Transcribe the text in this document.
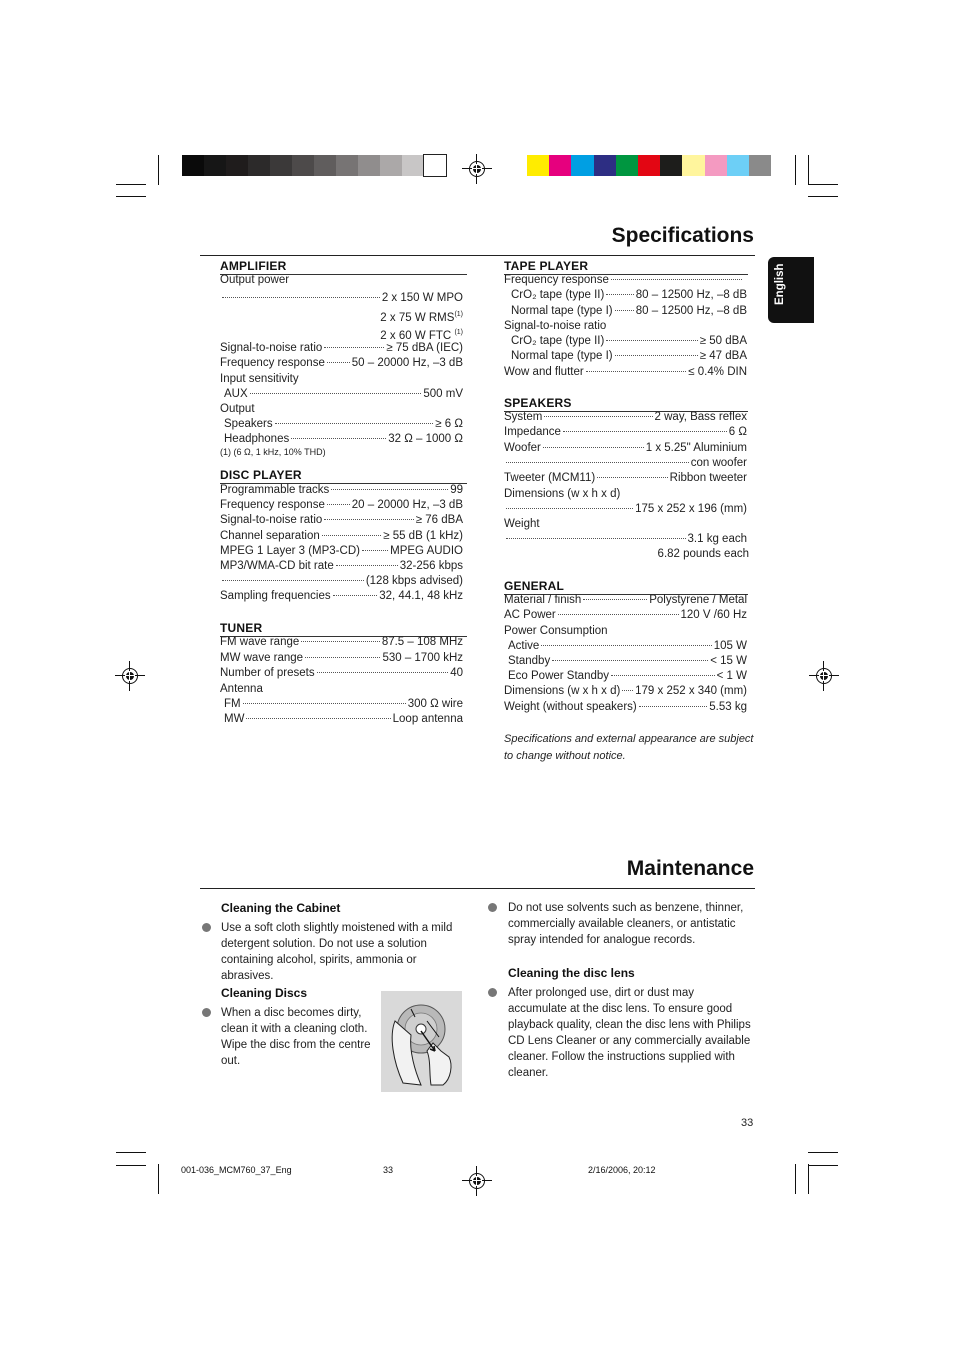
Specifications
English
AMPLIFIER
Output power
2 x 150 W MPO
2 x 75 W RMS$^{(1)}$
2 x 60 W FTC $^{(1)}$
Signal-to-noise ratio	≥ 75 dBA (IEC)
Frequency response 50 – 20000 Hz, –3 dB
Input sensitivity
AUX	500 mV
Output
Speakers	≥ 6 Ω
Headphones	32 Ω – 1000 Ω
(1) (6 Ω, 1 kHz, 10% THD)
DISC PLAYER
Programmable tracks	99
Frequency response 20 – 20000 Hz, –3 dB
Signal-to-noise ratio	≥ 76 dBA
Channel separation	≥ 55 dB (1 kHz)
MPEG 1 Layer 3 (MP3-CD)	MPEG AUDIO
MP3/WMA-CD bit rate	32-256 kbps
(128 kbps advised)
Sampling frequencies	32, 44.1, 48 kHz
TUNER
FM wave range	87.5 – 108 MHz
MW wave range	530 – 1700 kHz
Number of presets	40
Antenna
FM	300 Ω wire
MW	Loop antenna
TAPE PLAYER
Frequency response
CrO₂ tape (type II)	80 – 12500 Hz, –8 dB
Normal tape (type I) 80 – 12500 Hz, –8 dB
Signal-to-noise ratio
CrO₂ tape (type II)	≥ 50 dBA
Normal tape (type I)	≥ 47 dBA
Wow and flutter	≤ 0.4% DIN
SPEAKERS
System	2 way, Bass reflex
Impedance	6 Ω
Woofer	1 x 5.25" Aluminium
con woofer
Tweeter (MCM11)	Ribbon tweeter
Dimensions (w x h x d)
175 x 252 x 196 (mm)
Weight
3.1 kg each
6.82 pounds each
GENERAL
Material / finish	Polystyrene / Metal
AC Power	120 V /60 Hz
Power Consumption
Active	105 W
Standby	< 15 W
Eco Power Standby	< 1 W
Dimensions (w x h x d) 179 x 252 x 340 (mm)
Weight (without speakers)	5.53 kg
Specifications and external appearance are subject to change without notice.
Maintenance
Cleaning the Cabinet
Use a soft cloth slightly moistened with a mild detergent solution. Do not use a solution containing alcohol, spirits, ammonia or abrasives.
Cleaning Discs
When a disc becomes dirty, clean it with a cleaning cloth. Wipe the disc from the centre out.
Do not use solvents such as benzene, thinner, commercially available cleaners, or antistatic spray intended for analogue records.
Cleaning the disc lens
After prolonged use, dirt or dust may accumulate at the disc lens. To ensure good playback quality, clean the disc lens with Philips CD Lens Cleaner or any commercially available cleaner. Follow the instructions supplied with cleaner.
33
001-036_MCM760_37_Eng	33	2/16/2006, 20:12
